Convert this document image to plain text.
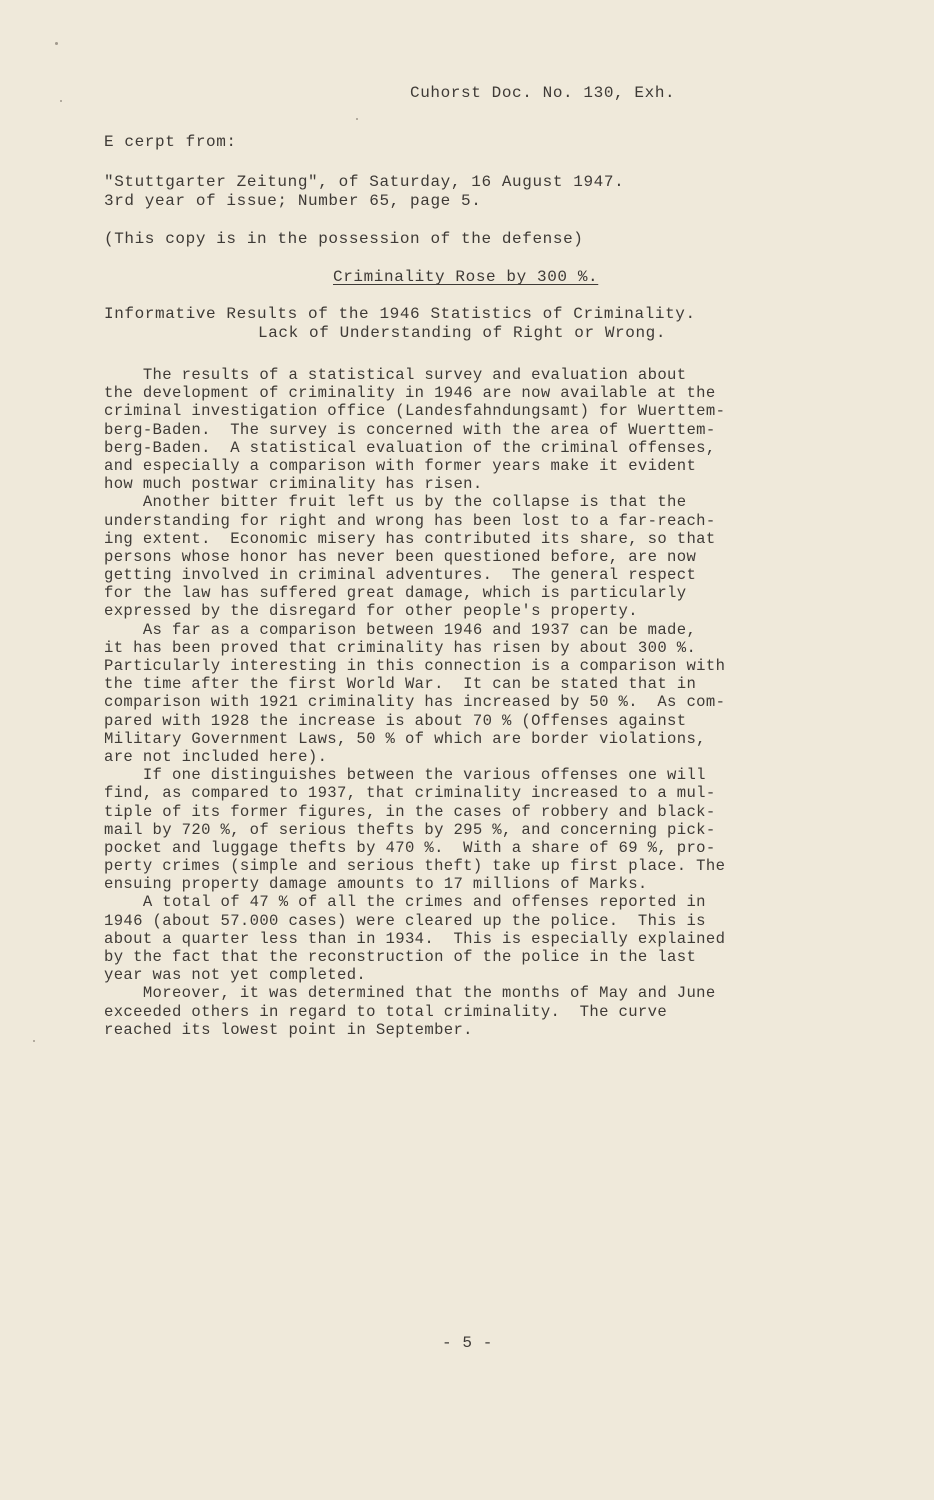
Cuhorst Doc. No. 130, Exh.
E cerpt from:
"Stuttgarter Zeitung", of Saturday, 16 August 1947.
3rd year of issue; Number 65, page 5.
(This copy is in the possession of the defense)
Criminality Rose by 300 %.
Informative Results of the 1946 Statistics of Criminality.
Lack of Understanding of Right or Wrong.
The results of a statistical survey and evaluation about
the development of criminality in 1946 are now available at the
criminal investigation office (Landesfahndungsamt) for Wuerttem-
berg-Baden.  The survey is concerned with the area of Wuerttem-
berg-Baden.  A statistical evaluation of the criminal offenses,
and especially a comparison with former years make it evident
how much postwar criminality has risen.
Another bitter fruit left us by the collapse is that the
understanding for right and wrong has been lost to a far-reach-
ing extent.  Economic misery has contributed its share, so that
persons whose honor has never been questioned before, are now
getting involved in criminal adventures.  The general respect
for the law has suffered great damage, which is particularly
expressed by the disregard for other people's property.
As far as a comparison between 1946 and 1937 can be made,
it has been proved that criminality has risen by about 300 %.
Particularly interesting in this connection is a comparison with
the time after the first World War.  It can be stated that in
comparison with 1921 criminality has increased by 50 %.  As com-
pared with 1928 the increase is about 70 % (Offenses against
Military Government Laws, 50 % of which are border violations,
are not included here).
If one distinguishes between the various offenses one will
find, as compared to 1937, that criminality increased to a mul-
tiple of its former figures, in the cases of robbery and black-
mail by 720 %, of serious thefts by 295 %, and concerning pick-
pocket and luggage thefts by 470 %.  With a share of 69 %, pro-
perty crimes (simple and serious theft) take up first place. The
ensuing property damage amounts to 17 millions of Marks.
A total of 47 % of all the crimes and offenses reported in
1946 (about 57.000 cases) were cleared up the police.  This is
about a quarter less than in 1934.  This is especially explained
by the fact that the reconstruction of the police in the last
year was not yet completed.
Moreover, it was determined that the months of May and June
exceeded others in regard to total criminality.  The curve
reached its lowest point in September.
- 5 -
